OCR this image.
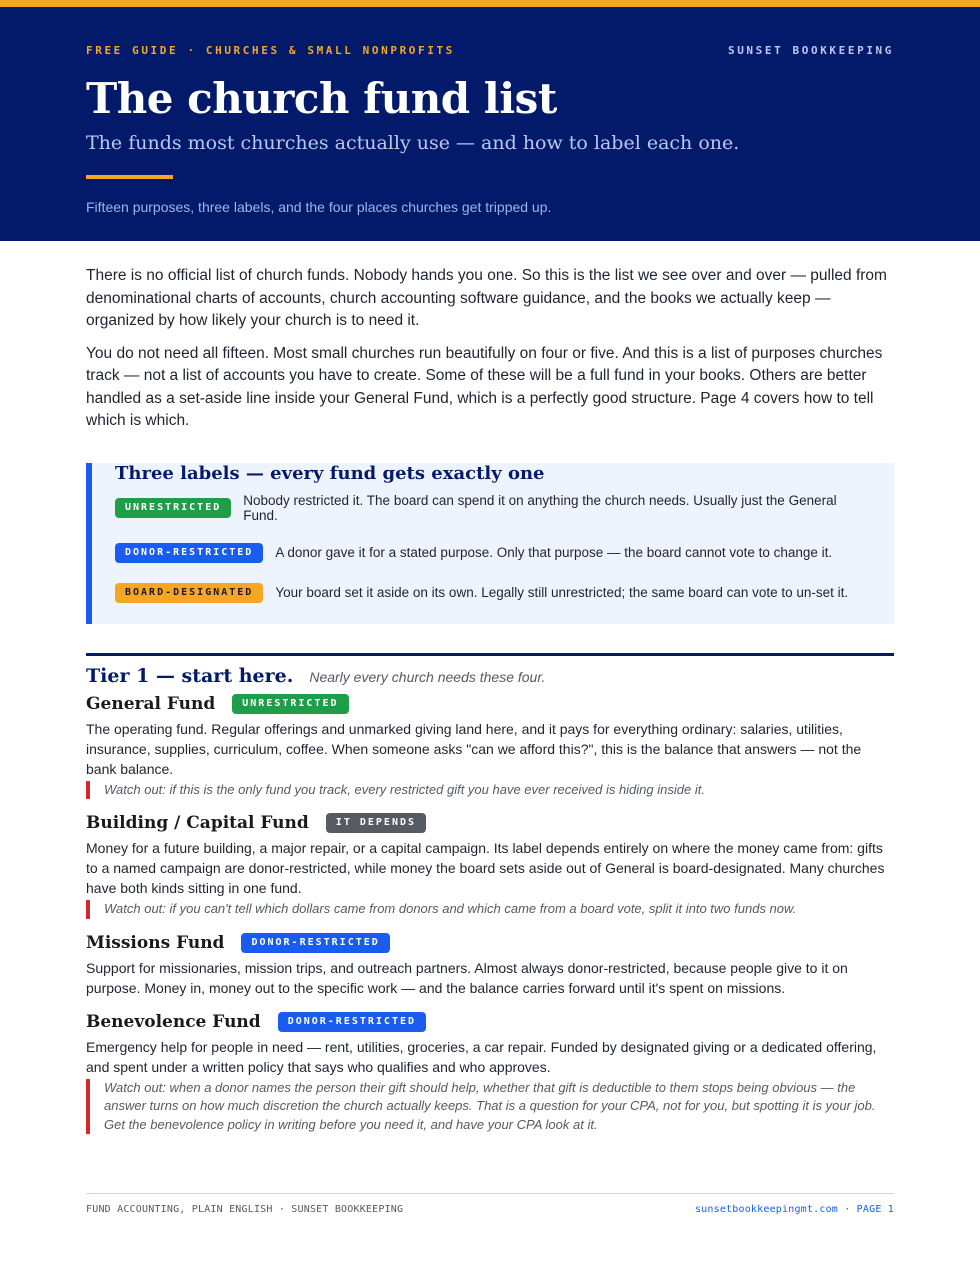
FREE GUIDE · CHURCHES & SMALL NONPROFITS	SUNSET BOOKKEEPING
The church fund list
The funds most churches actually use — and how to label each one.
Fifteen purposes, three labels, and the four places churches get tripped up.

There is no official list of church funds. Nobody hands you one. So this is the list we see over and over — pulled from denominational charts of accounts, church accounting software guidance, and the books we actually keep — organized by how likely your church is to need it.

You do not need all fifteen. Most small churches run beautifully on four or five. And this is a list of purposes churches track — not a list of accounts you have to create. Some of these will be a full fund in your books. Others are better handled as a set-aside line inside your General Fund, which is a perfectly good structure. Page 4 covers how to tell which is which.

Three labels — every fund gets exactly one
UNRESTRICTED	Nobody restricted it. The board can spend it on anything the church needs. Usually just the General Fund.
DONOR-RESTRICTED	A donor gave it for a stated purpose. Only that purpose — the board cannot vote to change it.
BOARD-DESIGNATED	Your board set it aside on its own. Legally still unrestricted; the same board can vote to un-set it.
Tier 1 — start here. Nearly every church needs these four.
General Fund	UNRESTRICTED

The operating fund. Regular offerings and unmarked giving land here, and it pays for everything ordinary: salaries, utilities, insurance, supplies, curriculum, coffee. When someone asks "can we afford this?", this is the balance that answers — not the bank balance.

Watch out: if this is the only fund you track, every restricted gift you have ever received is hiding inside it.

Building / Capital Fund	IT DEPENDS

Money for a future building, a major repair, or a capital campaign. Its label depends entirely on where the money came from: gifts to a named campaign are donor-restricted, while money the board sets aside out of General is board-designated. Many churches have both kinds sitting in one fund.

Watch out: if you can't tell which dollars came from donors and which came from a board vote, split it into two funds now.

Missions Fund	DONOR-RESTRICTED

Support for missionaries, mission trips, and outreach partners. Almost always donor-restricted, because people give to it on purpose. Money in, money out to the specific work — and the balance carries forward until it's spent on missions.

Benevolence Fund	DONOR-RESTRICTED

Emergency help for people in need — rent, utilities, groceries, a car repair. Funded by designated giving or a dedicated offering, and spent under a written policy that says who qualifies and who approves.

Watch out: when a donor names the person their gift should help, whether that gift is deductible to them stops being obvious — the answer turns on how much discretion the church actually keeps. That is a question for your CPA, not for you, but spotting it is your job. Get the benevolence policy in writing before you need it, and have your CPA look at it.

FUND ACCOUNTING, PLAIN ENGLISH · SUNSET BOOKKEEPING	sunsetbookkeepingmt.com · PAGE 1
